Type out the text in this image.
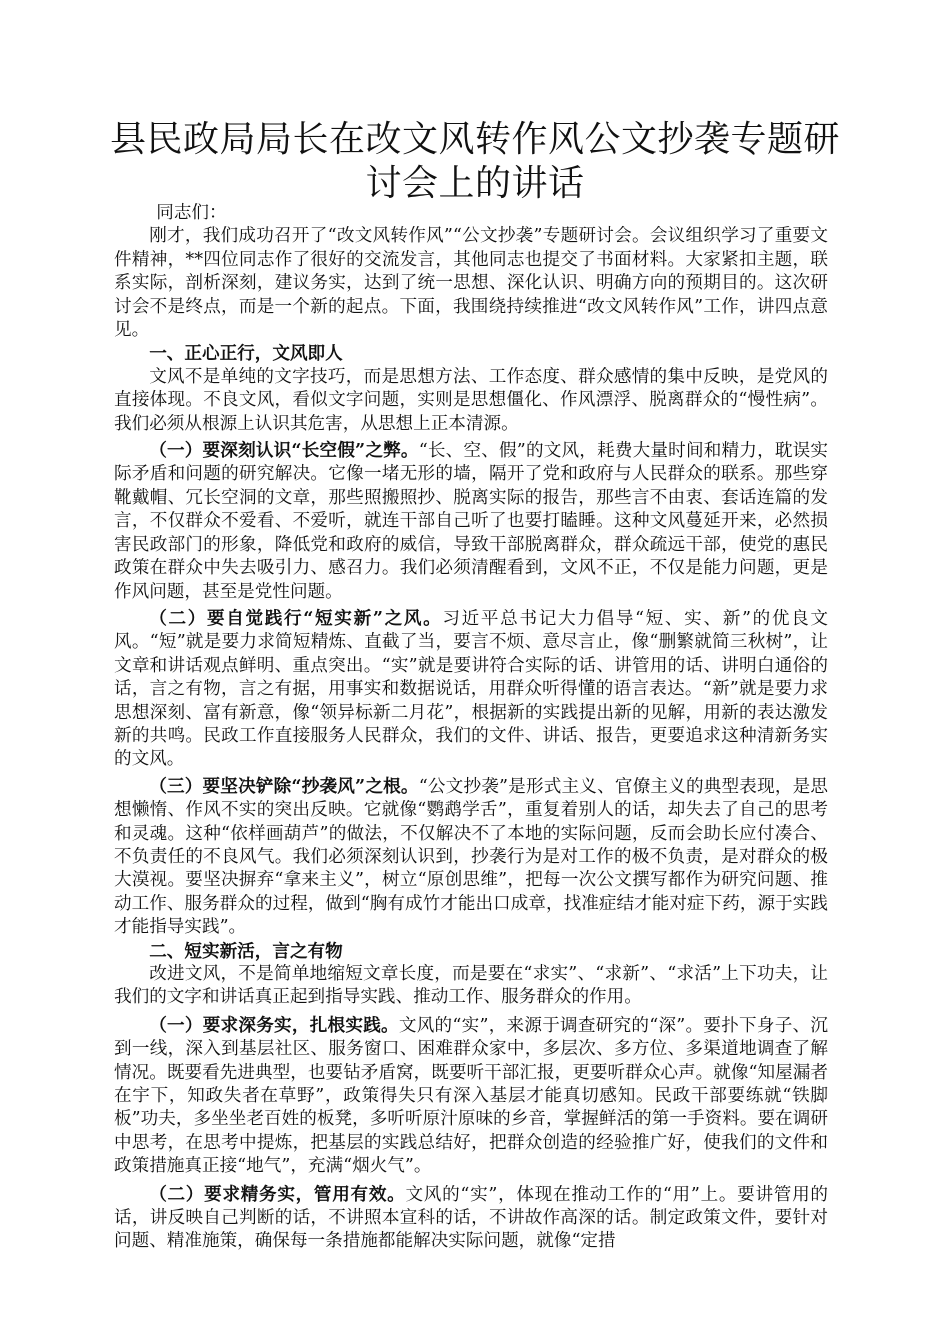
县民政局局长在改文风转作风公文抄袭专题研
讨会上的讲话

同志们：

刚才，我们成功召开了“改文风转作风”“公文抄袭”专题研讨会。会议组织学习了重要文件精神，**四位同志作了很好的交流发言，其他同志也提交了书面材料。大家紧扣主题，联系实际，剖析深刻，建议务实，达到了统一思想、深化认识、明确方向的预期目的。这次研讨会不是终点，而是一个新的起点。下面，我围绕持续推进“改文风转作风”工作，讲四点意见。

一、正心正行，文风即人

文风不是单纯的文字技巧，而是思想方法、工作态度、群众感情的集中反映，是党风的直接体现。不良文风，看似文字问题，实则是思想僵化、作风漂浮、脱离群众的“慢性病”。我们必须从根源上认识其危害，从思想上正本清源。

（一）要深刻认识“长空假”之弊。“长、空、假”的文风，耗费大量时间和精力，耽误实际矛盾和问题的研究解决。它像一堵无形的墙，隔开了党和政府与人民群众的联系。那些穿靴戴帽、冗长空洞的文章，那些照搬照抄、脱离实际的报告，那些言不由衷、套话连篇的发言，不仅群众不爱看、不爱听，就连干部自己听了也要打瞌睡。这种文风蔓延开来，必然损害民政部门的形象，降低党和政府的威信，导致干部脱离群众，群众疏远干部，使党的惠民政策在群众中失去吸引力、感召力。我们必须清醒看到，文风不正，不仅是能力问题，更是作风问题，甚至是党性问题。

（二）要自觉践行“短实新”之风。习近平总书记大力倡导“短、实、新”的优良文风。“短”就是要力求简短精炼、直截了当，要言不烦、意尽言止，像“删繁就简三秋树”，让文章和讲话观点鲜明、重点突出。“实”就是要讲符合实际的话、讲管用的话、讲明白通俗的话，言之有物，言之有据，用事实和数据说话，用群众听得懂的语言表达。“新”就是要力求思想深刻、富有新意，像“领异标新二月花”，根据新的实践提出新的见解，用新的表达激发新的共鸣。民政工作直接服务人民群众，我们的文件、讲话、报告，更要追求这种清新务实的文风。

（三）要坚决铲除“抄袭风”之根。“公文抄袭”是形式主义、官僚主义的典型表现，是思想懒惰、作风不实的突出反映。它就像“鹦鹉学舌”，重复着别人的话，却失去了自己的思考和灵魂。这种“依样画葫芦”的做法，不仅解决不了本地的实际问题，反而会助长应付凑合、不负责任的不良风气。我们必须深刻认识到，抄袭行为是对工作的极不负责，是对群众的极大漠视。要坚决摒弃“拿来主义”，树立“原创思维”，把每一次公文撰写都作为研究问题、推动工作、服务群众的过程，做到“胸有成竹才能出口成章，找准症结才能对症下药，源于实践才能指导实践”。

二、短实新活，言之有物

改进文风，不是简单地缩短文章长度，而是要在“求实”、“求新”、“求活”上下功夫，让我们的文字和讲话真正起到指导实践、推动工作、服务群众的作用。

（一）要求深务实，扎根实践。文风的“实”，来源于调查研究的“深”。要扑下身子、沉到一线，深入到基层社区、服务窗口、困难群众家中，多层次、多方位、多渠道地调查了解情况。既要看先进典型，也要钻矛盾窝，既要听干部汇报，更要听群众心声。就像“知屋漏者在宇下，知政失者在草野”，政策得失只有深入基层才能真切感知。民政干部要练就“铁脚板”功夫，多坐坐老百姓的板凳，多听听原汁原味的乡音，掌握鲜活的第一手资料。要在调研中思考，在思考中提炼，把基层的实践总结好，把群众创造的经验推广好，使我们的文件和政策措施真正接“地气”，充满“烟火气”。

（二）要求精务实，管用有效。文风的“实”，体现在推动工作的“用”上。要讲管用的话，讲反映自己判断的话，不讲照本宣科的话，不讲故作高深的话。制定政策文件，要针对问题、精准施策，确保每一条措施都能解决实际问题，就像“定措
